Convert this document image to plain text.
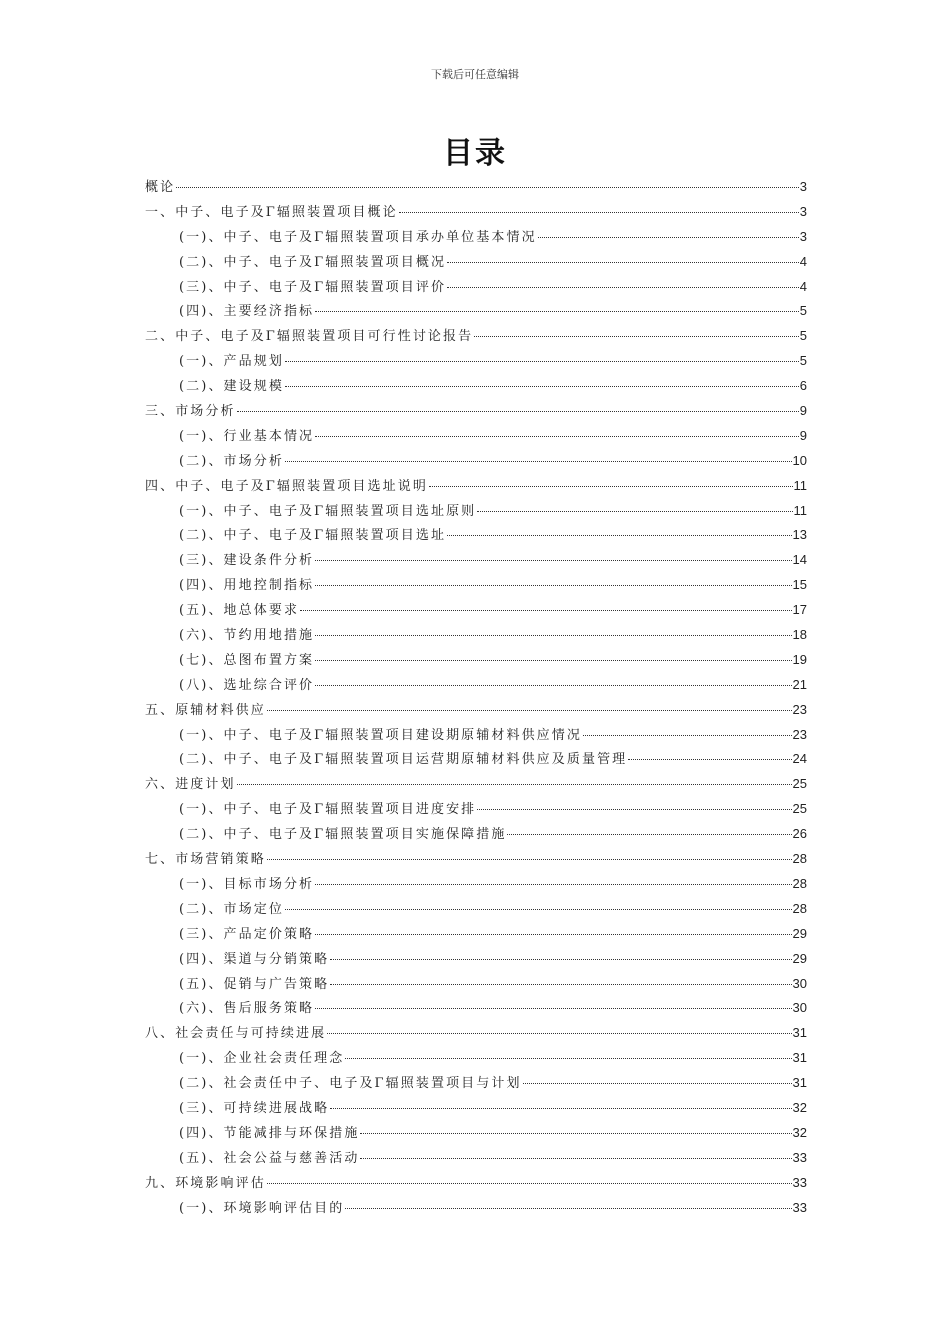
下载后可任意编辑
目录
概论	3
一、中子、电子及Γ辐照装置项目概论	3
(一)、中子、电子及Γ辐照装置项目承办单位基本情况	3
(二)、中子、电子及Γ辐照装置项目概况	4
(三)、中子、电子及Γ辐照装置项目评价	4
(四)、主要经济指标	5
二、中子、电子及Γ辐照装置项目可行性讨论报告	5
(一)、产品规划	5
(二)、建设规模	6
三、市场分析	9
(一)、行业基本情况	9
(二)、市场分析	10
四、中子、电子及Γ辐照装置项目选址说明	11
(一)、中子、电子及Γ辐照装置项目选址原则	11
(二)、中子、电子及Γ辐照装置项目选址	13
(三)、建设条件分析	14
(四)、用地控制指标	15
(五)、地总体要求	17
(六)、节约用地措施	18
(七)、总图布置方案	19
(八)、选址综合评价	21
五、原辅材料供应	23
(一)、中子、电子及Γ辐照装置项目建设期原辅材料供应情况	23
(二)、中子、电子及Γ辐照装置项目运营期原辅材料供应及质量管理	24
六、进度计划	25
(一)、中子、电子及Γ辐照装置项目进度安排	25
(二)、中子、电子及Γ辐照装置项目实施保障措施	26
七、市场营销策略	28
(一)、目标市场分析	28
(二)、市场定位	28
(三)、产品定价策略	29
(四)、渠道与分销策略	29
(五)、促销与广告策略	30
(六)、售后服务策略	30
八、社会责任与可持续进展	31
(一)、企业社会责任理念	31
(二)、社会责任中子、电子及Γ辐照装置项目与计划	31
(三)、可持续进展战略	32
(四)、节能减排与环保措施	32
(五)、社会公益与慈善活动	33
九、环境影响评估	33
(一)、环境影响评估目的	33
